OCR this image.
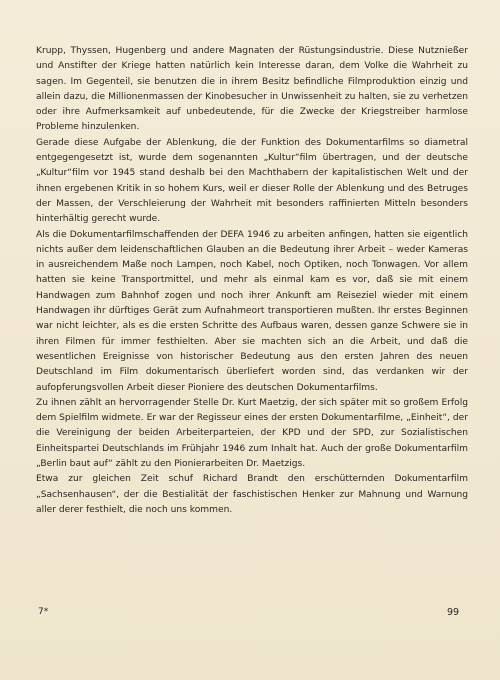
Krupp, Thyssen, Hugenberg und andere Magnaten der Rüstungsindustrie. Diese Nutznießer und Anstifter der Kriege hatten natürlich kein Interesse daran, dem Volke die Wahrheit zu sagen. Im Gegenteil, sie benutzen die in ihrem Besitz befindliche Filmproduktion einzig und allein dazu, die Millionenmassen der Kinobesucher in Unwissenheit zu halten, sie zu verhetzen oder ihre Aufmerksamkeit auf unbedeutende, für die Zwecke der Kriegstreiber harmlose Probleme hinzulenken.

Gerade diese Aufgabe der Ablenkung, die der Funktion des Dokumentarfilms so diametral entgegengesetzt ist, wurde dem sogenannten „Kultur“film übertragen, und der deutsche „Kultur“film vor 1945 stand deshalb bei den Machthabern der kapitalistischen Welt und der ihnen ergebenen Kritik in so hohem Kurs, weil er dieser Rolle der Ablenkung und des Betruges der Massen, der Verschleierung der Wahrheit mit besonders raffinierten Mitteln besonders hinterhältig gerecht wurde.

Als die Dokumentarfilmschaffenden der DEFA 1946 zu arbeiten anfingen, hatten sie eigentlich nichts außer dem leidenschaftlichen Glauben an die Bedeutung ihrer Arbeit – weder Kameras in ausreichendem Maße noch Lampen, noch Kabel, noch Optiken, noch Tonwagen. Vor allem hatten sie keine Transportmittel, und mehr als einmal kam es vor, daß sie mit einem Handwagen zum Bahnhof zogen und noch ihrer Ankunft am Reiseziel wieder mit einem Handwagen ihr dürftiges Gerät zum Aufnahmeort transportieren mußten. Ihr erstes Beginnen war nicht leichter, als es die ersten Schritte des Aufbaus waren, dessen ganze Schwere sie in ihren Filmen für immer festhielten. Aber sie machten sich an die Arbeit, und daß die wesentlichen Ereignisse von historischer Bedeutung aus den ersten Jahren des neuen Deutschland im Film dokumentarisch überliefert worden sind, das verdanken wir der aufopferungsvollen Arbeit dieser Pioniere des deutschen Dokumentarfilms.

Zu ihnen zählt an hervorragender Stelle Dr. Kurt Maetzig, der sich später mit so großem Erfolg dem Spielfilm widmete. Er war der Regisseur eines der ersten Dokumentarfilme, „Einheit“, der die Vereinigung der beiden Arbeiterparteien, der KPD und der SPD, zur Sozialistischen Einheitspartei Deutschlands im Frühjahr 1946 zum Inhalt hat. Auch der große Dokumentarfilm „Berlin baut auf“ zählt zu den Pionierarbeiten Dr. Maetzigs.

Etwa zur gleichen Zeit schuf Richard Brandt den erschütternden Dokumentarfilm „Sachsenhausen“, der die Bestialität der faschistischen Henker zur Mahnung und Warnung aller derer festhielt, die noch uns kommen.

7*	99
